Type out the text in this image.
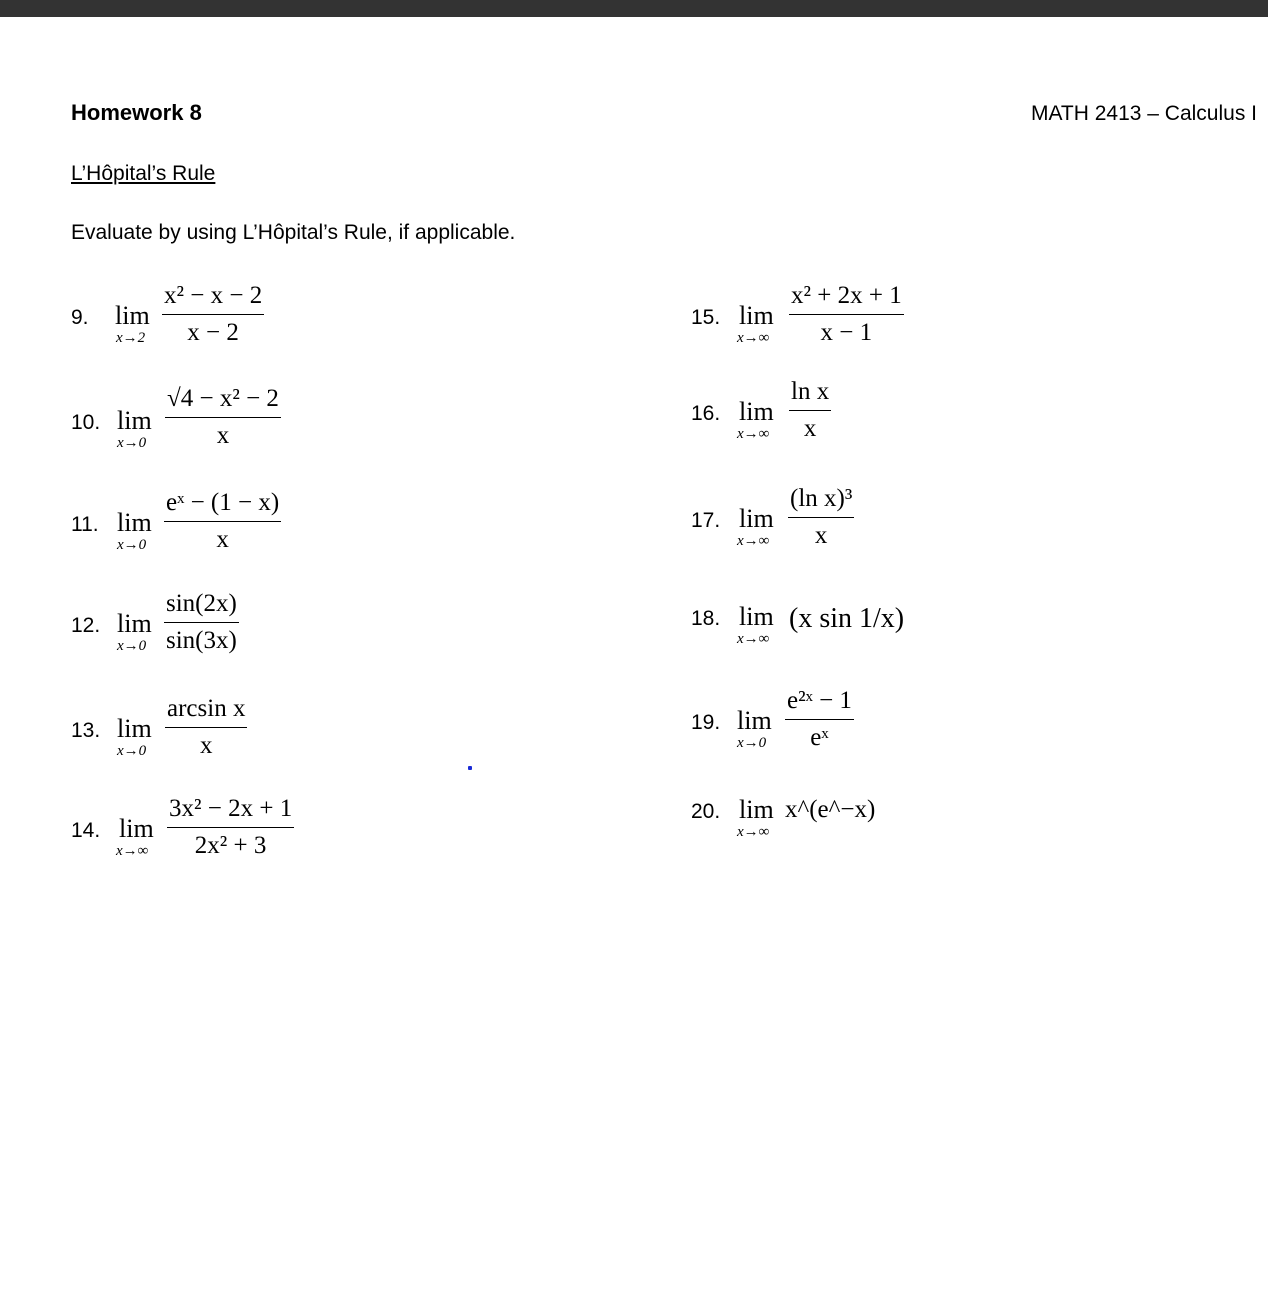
Homework 8	MATH 2413 – Calculus I
L’Hôpital’s Rule
Evaluate by using L’Hôpital’s Rule, if applicable.
9. lim
x→2
x² − x − 2
x − 2
10. lim
x→0
√4 − x² − 2
x
11. lim
x→0
eˣ − (1 − x)
x
12. lim
x→0
sin(2x)
sin(3x)
13. lim
x→0
arcsin x
x
14. lim
x→∞
3x² − 2x + 1
2x² + 3
15. lim
x→∞
x² + 2x + 1
x − 1
16. lim
x→∞
ln x
x
17. lim
x→∞
(ln x)³
x
18. lim
x→∞
(x sin 1/x)
19. lim
x→0
e²ˣ − 1
eˣ
20. lim
x→∞
x^(e^−x)
